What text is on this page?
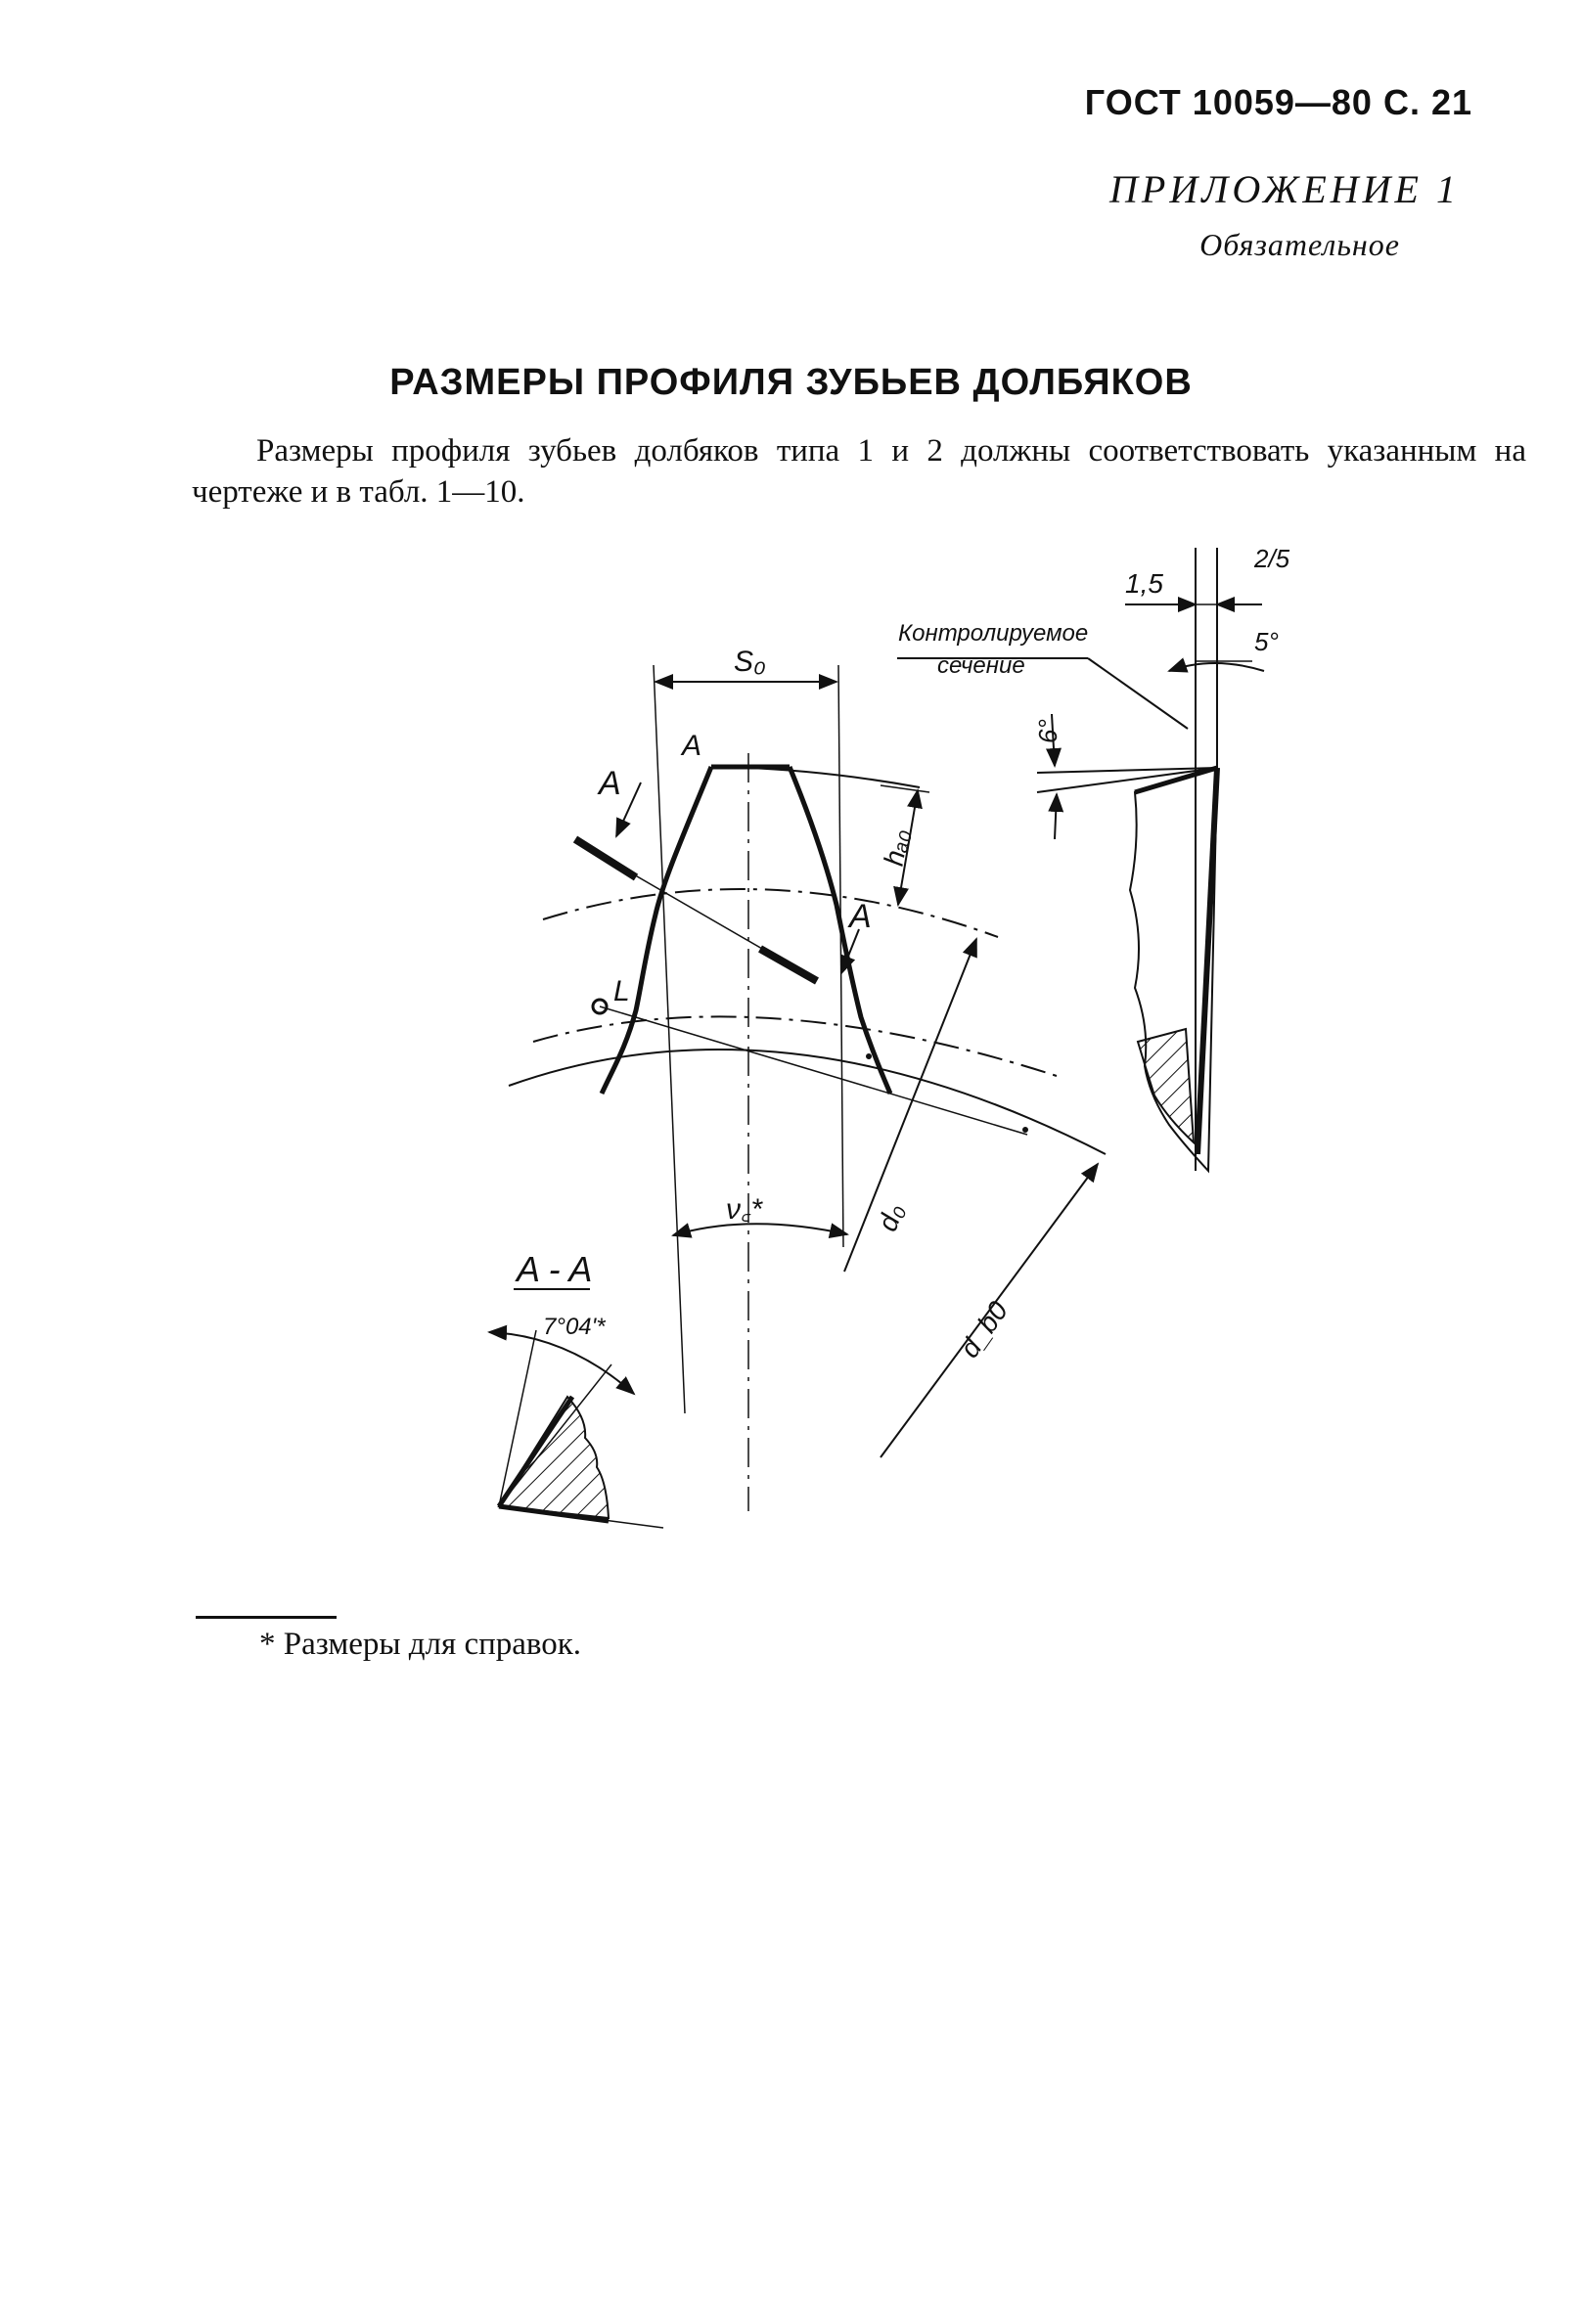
ГОСТ 10059—80 С. 21
ПРИЛОЖЕНИЕ 1
Обязательное
РАЗМЕРЫ ПРОФИЛЯ ЗУБЬЕВ ДОЛБЯКОВ
Размеры профиля зубьев долбяков типа 1 и 2 должны соответствовать указанным на чертеже и в табл. 1—10.
S₀
A
A
A
hₐ₀
L
ν꜀*	d₀
d_b0
A - A
7°04'*
1,5
2/5
Контролируемое
сечение
5°
6°
* Размеры для справок.
